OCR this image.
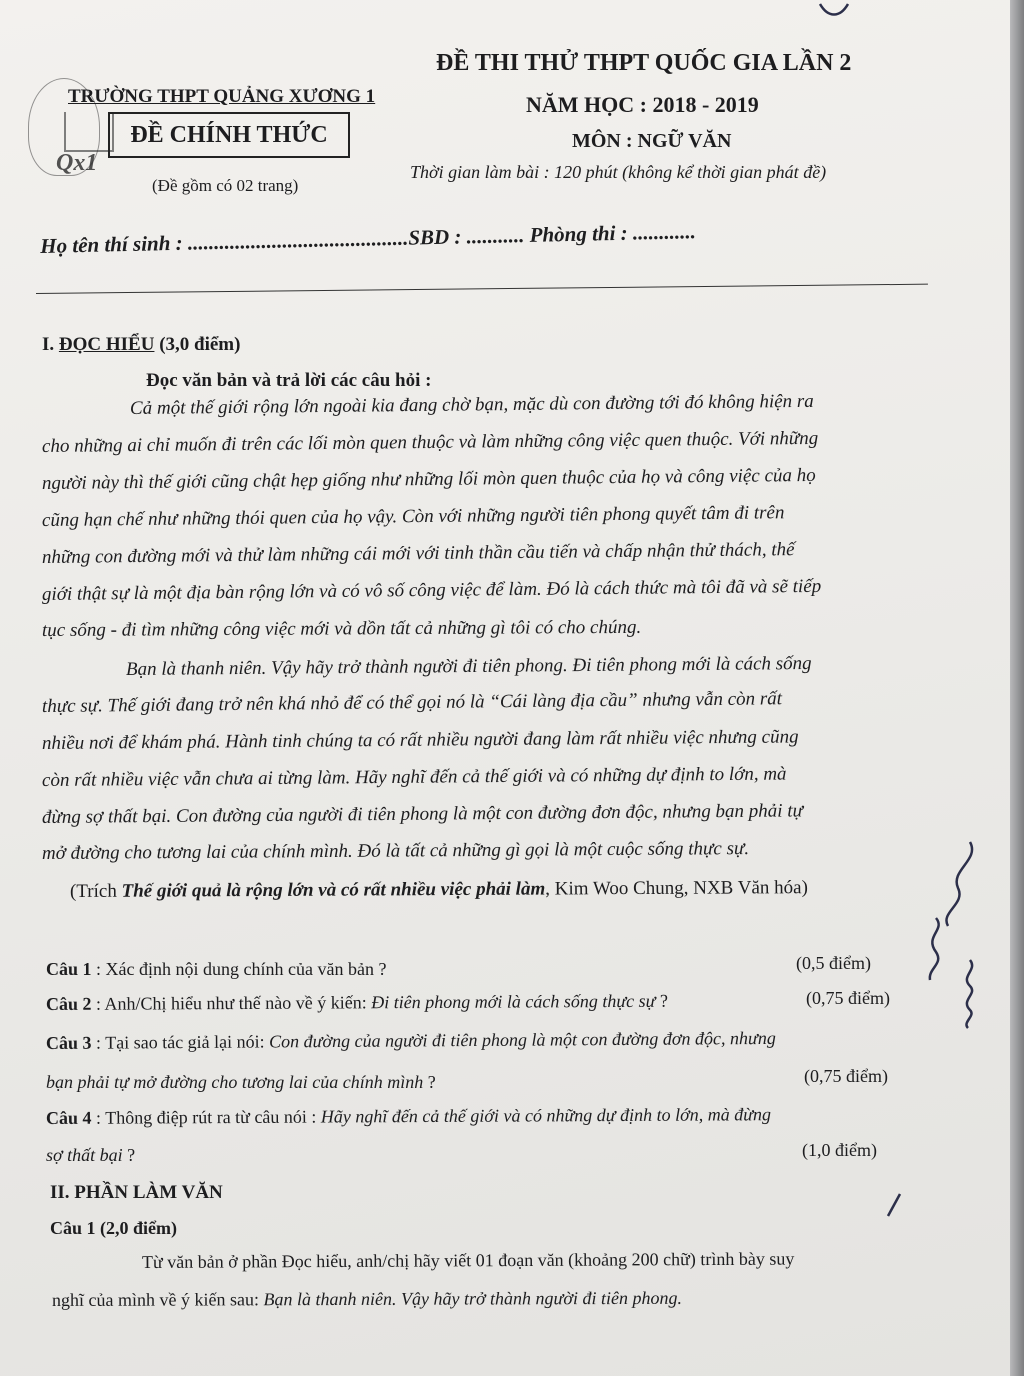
Qx1
TRƯỜNG THPT QUẢNG XƯƠNG 1
ĐỀ CHÍNH THỨC
(Đề gồm có 02 trang)
ĐỀ THI THỬ THPT QUỐC GIA LẦN 2
NĂM HỌC : 2018 - 2019
MÔN : NGỮ VĂN
Thời gian làm bài : 120 phút (không kể thời gian phát đề)
Họ tên thí sinh : ..........................................SBD : ........... Phòng thi : ............
I. ĐỌC HIỂU (3,0 điểm)
Đọc văn bản và trả lời các câu hỏi :
Cả một thế giới rộng lớn ngoài kia đang chờ bạn, mặc dù con đường tới đó không hiện ra
cho những ai chỉ muốn đi trên các lối mòn quen thuộc và làm những công việc quen thuộc. Với những
người này thì thế giới cũng chật hẹp giống như những lối mòn quen thuộc của họ và công việc của họ
cũng hạn chế như những thói quen của họ vậy. Còn với những người tiên phong quyết tâm đi trên
những con đường mới và thử làm những cái mới với tinh thần cầu tiến và chấp nhận thử thách, thế
giới thật sự là một địa bàn rộng lớn và có vô số công việc để làm. Đó là cách thức mà tôi đã và sẽ tiếp
tục sống - đi tìm những công việc mới và dồn tất cả những gì tôi có cho chúng.
Bạn là thanh niên. Vậy hãy trở thành người đi tiên phong. Đi tiên phong mới là cách sống
thực sự. Thế giới đang trở nên khá nhỏ để có thể gọi nó là “Cái làng địa cầu” nhưng vẫn còn rất
nhiều nơi để khám phá. Hành tinh chúng ta có rất nhiều người đang làm rất nhiều việc nhưng cũng
còn rất nhiều việc vẫn chưa ai từng làm. Hãy nghĩ đến cả thế giới và có những dự định to lớn, mà
đừng sợ thất bại. Con đường của người đi tiên phong là một con đường đơn độc, nhưng bạn phải tự
mở đường cho tương lai của chính mình. Đó là tất cả những gì gọi là một cuộc sống thực sự.
(Trích Thế giới quả là rộng lớn và có rất nhiều việc phải làm, Kim Woo Chung, NXB Văn hóa)
Câu 1 : Xác định nội dung chính của văn bản ?	(0,5 điểm)
Câu 2 : Anh/Chị hiểu như thế nào về ý kiến: Đi tiên phong mới là cách sống thực sự ?	(0,75 điểm)
Câu 3 : Tại sao tác giả lại nói: Con đường của người đi tiên phong là một con đường đơn độc, nhưng
bạn phải tự mở đường cho tương lai của chính mình ?	(0,75 điểm)
Câu 4 : Thông điệp rút ra từ câu nói : Hãy nghĩ đến cả thế giới và có những dự định to lớn, mà đừng
sợ thất bại ?	(1,0 điểm)
II. PHẦN LÀM VĂN
Câu 1 (2,0 điểm)
Từ văn bản ở phần Đọc hiểu, anh/chị hãy viết 01 đoạn văn (khoảng 200 chữ) trình bày suy
nghĩ của mình về ý kiến sau: Bạn là thanh niên. Vậy hãy trở thành người đi tiên phong.
